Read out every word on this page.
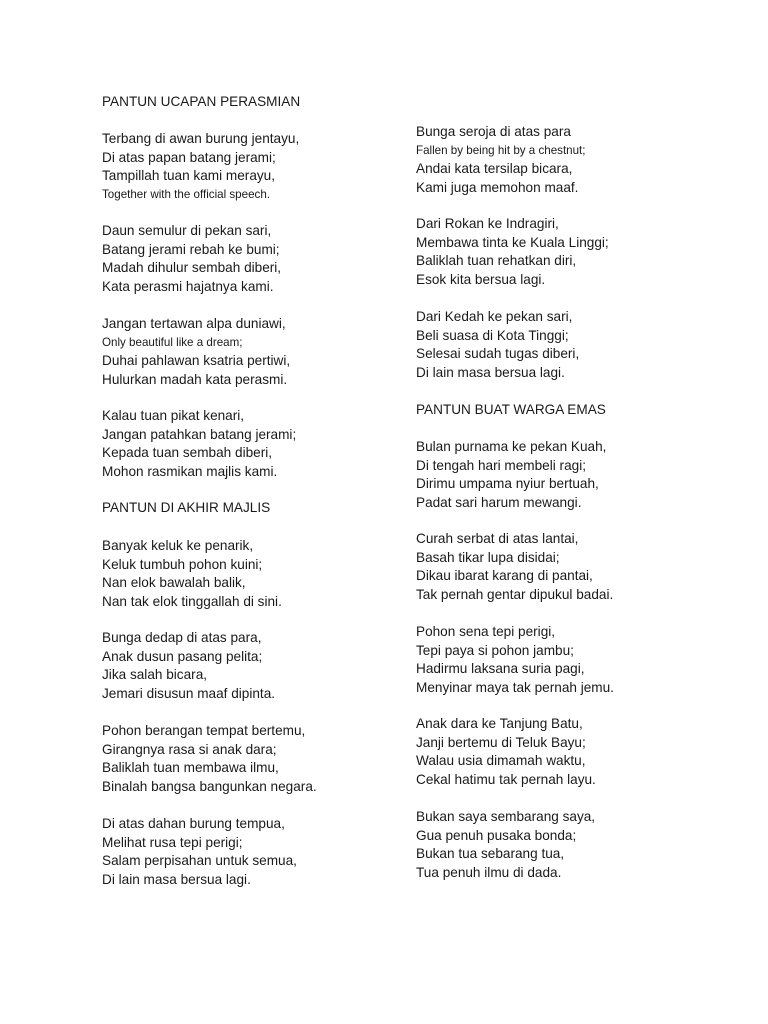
PANTUN UCAPAN PERASMIAN
Terbang di awan burung jentayu,
Di atas papan batang jerami;
Tampillah tuan kami merayu,
Together with the official speech.
Daun semulur di pekan sari,
Batang jerami rebah ke bumi;
Madah dihulur sembah diberi,
Kata perasmi hajatnya kami.
Jangan tertawan alpa duniawi,
Only beautiful like a dream;
Duhai pahlawan ksatria pertiwi,
Hulurkan madah kata perasmi.
Kalau tuan pikat kenari,
Jangan patahkan batang jerami;
Kepada tuan sembah diberi,
Mohon rasmikan majlis kami.
PANTUN DI AKHIR MAJLIS
Banyak keluk ke penarik,
Keluk tumbuh pohon kuini;
Nan elok bawalah balik,
Nan tak elok tinggallah di sini.
Bunga dedap di atas para,
Anak dusun pasang pelita;
Jika salah bicara,
Jemari disusun maaf dipinta.
Pohon berangan tempat bertemu,
Girangnya rasa si anak dara;
Baliklah tuan membawa ilmu,
Binalah bangsa bangunkan negara.
Di atas dahan burung tempua,
Melihat rusa tepi perigi;
Salam perpisahan untuk semua,
Di lain masa bersua lagi.
Bunga seroja di atas para
Fallen by being hit by a chestnut;
Andai kata tersilap bicara,
Kami juga memohon maaf.
Dari Rokan ke Indragiri,
Membawa tinta ke Kuala Linggi;
Baliklah tuan rehatkan diri,
Esok kita bersua lagi.
Dari Kedah ke pekan sari,
Beli suasa di Kota Tinggi;
Selesai sudah tugas diberi,
Di lain masa bersua lagi.
PANTUN BUAT WARGA EMAS
Bulan purnama ke pekan Kuah,
Di tengah hari membeli ragi;
Dirimu umpama nyiur bertuah,
Padat sari harum mewangi.
Curah serbat di atas lantai,
Basah tikar lupa disidai;
Dikau ibarat karang di pantai,
Tak pernah gentar dipukul badai.
Pohon sena tepi perigi,
Tepi paya si pohon jambu;
Hadirmu laksana suria pagi,
Menyinar maya tak pernah jemu.
Anak dara ke Tanjung Batu,
Janji bertemu di Teluk Bayu;
Walau usia dimamah waktu,
Cekal hatimu tak pernah layu.
Bukan saya sembarang saya,
Gua penuh pusaka bonda;
Bukan tua sebarang tua,
Tua penuh ilmu di dada.
